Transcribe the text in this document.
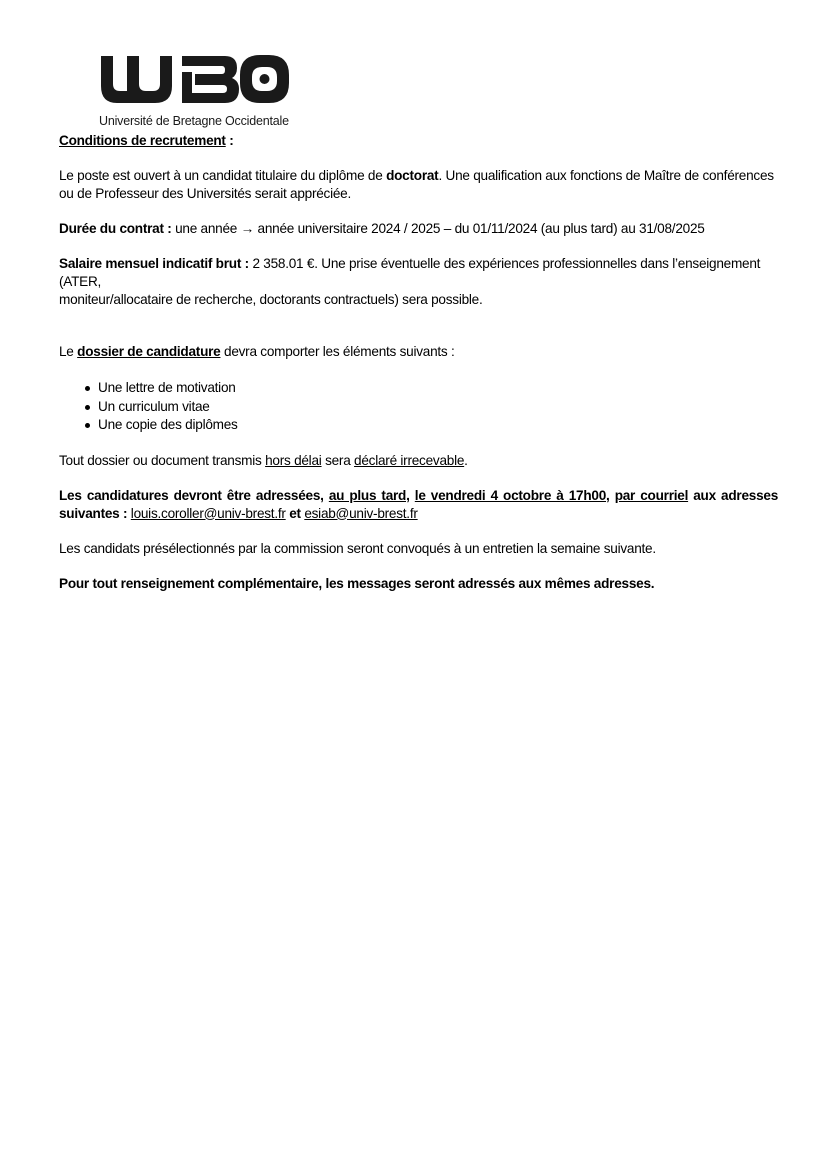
Université de Bretagne Occidentale

Conditions de recrutement :

Le poste est ouvert à un candidat titulaire du diplôme de doctorat. Une qualification aux fonctions de Maître de conférences
ou de Professeur des Universités serait appréciée.

Durée du contrat : une année → année universitaire 2024 / 2025 – du 01/11/2024 (au plus tard) au 31/08/2025

Salaire mensuel indicatif brut : 2 358.01 €. Une prise éventuelle des expériences professionnelles dans l’enseignement (ATER,
moniteur/allocataire de recherche, doctorants contractuels) sera possible.

Le dossier de candidature devra comporter les éléments suivants :

Une lettre de motivation
Un curriculum vitae
Une copie des diplômes

Tout dossier ou document transmis hors délai sera déclaré irrecevable.

Les candidatures devront être adressées, au plus tard, le vendredi 4 octobre à 17h00, par courriel aux adresses suivantes : louis.coroller@univ-brest.fr et esiab@univ-brest.fr

Les candidats présélectionnés par la commission seront convoqués à un entretien la semaine suivante.

Pour tout renseignement complémentaire, les messages seront adressés aux mêmes adresses.
